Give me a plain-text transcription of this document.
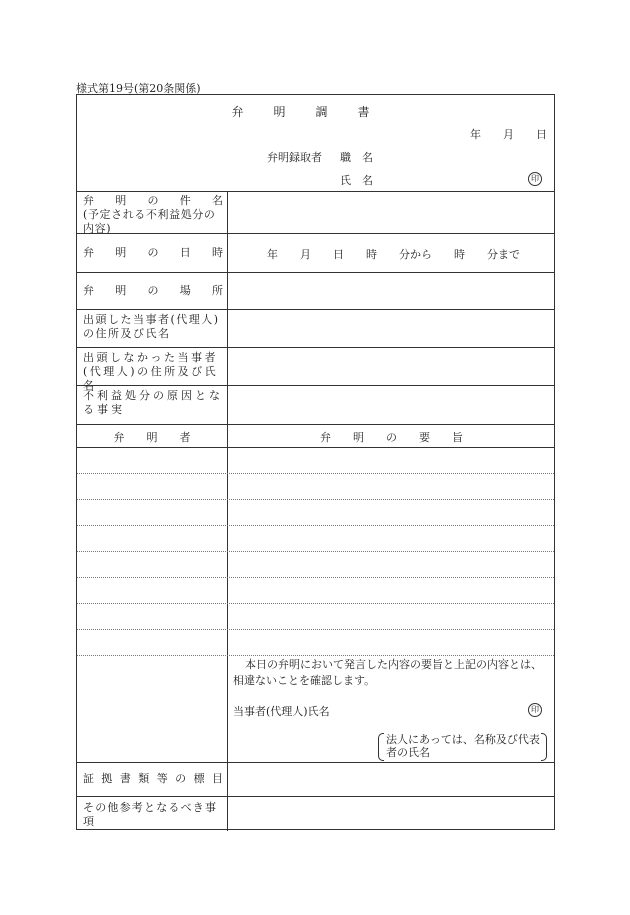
様式第19号(第20条関係)
弁明調書
年　　月　　日
弁明録取者 職　名
氏　名	印
弁　明　の　件　名
(予定される不利益処分の内容)
弁　明　の　日　時	年　　月　　日　　時　　分から　　時　　分まで
弁　明　の　場　所
出頭した当事者(代理人)の住所及び氏名
出頭しなかった当事者(代理人)の住所及び氏名
不利益処分の原因となる事実
弁　　明　　者	弁　　明　　の　　要　　旨
本日の弁明において発言した内容の要旨と上記の内容とは、相違ないことを確認します。
当事者(代理人)氏名	印
法人にあっては、名称及び代表者の氏名
証拠書類等の標目
その他参考となるべき事項
